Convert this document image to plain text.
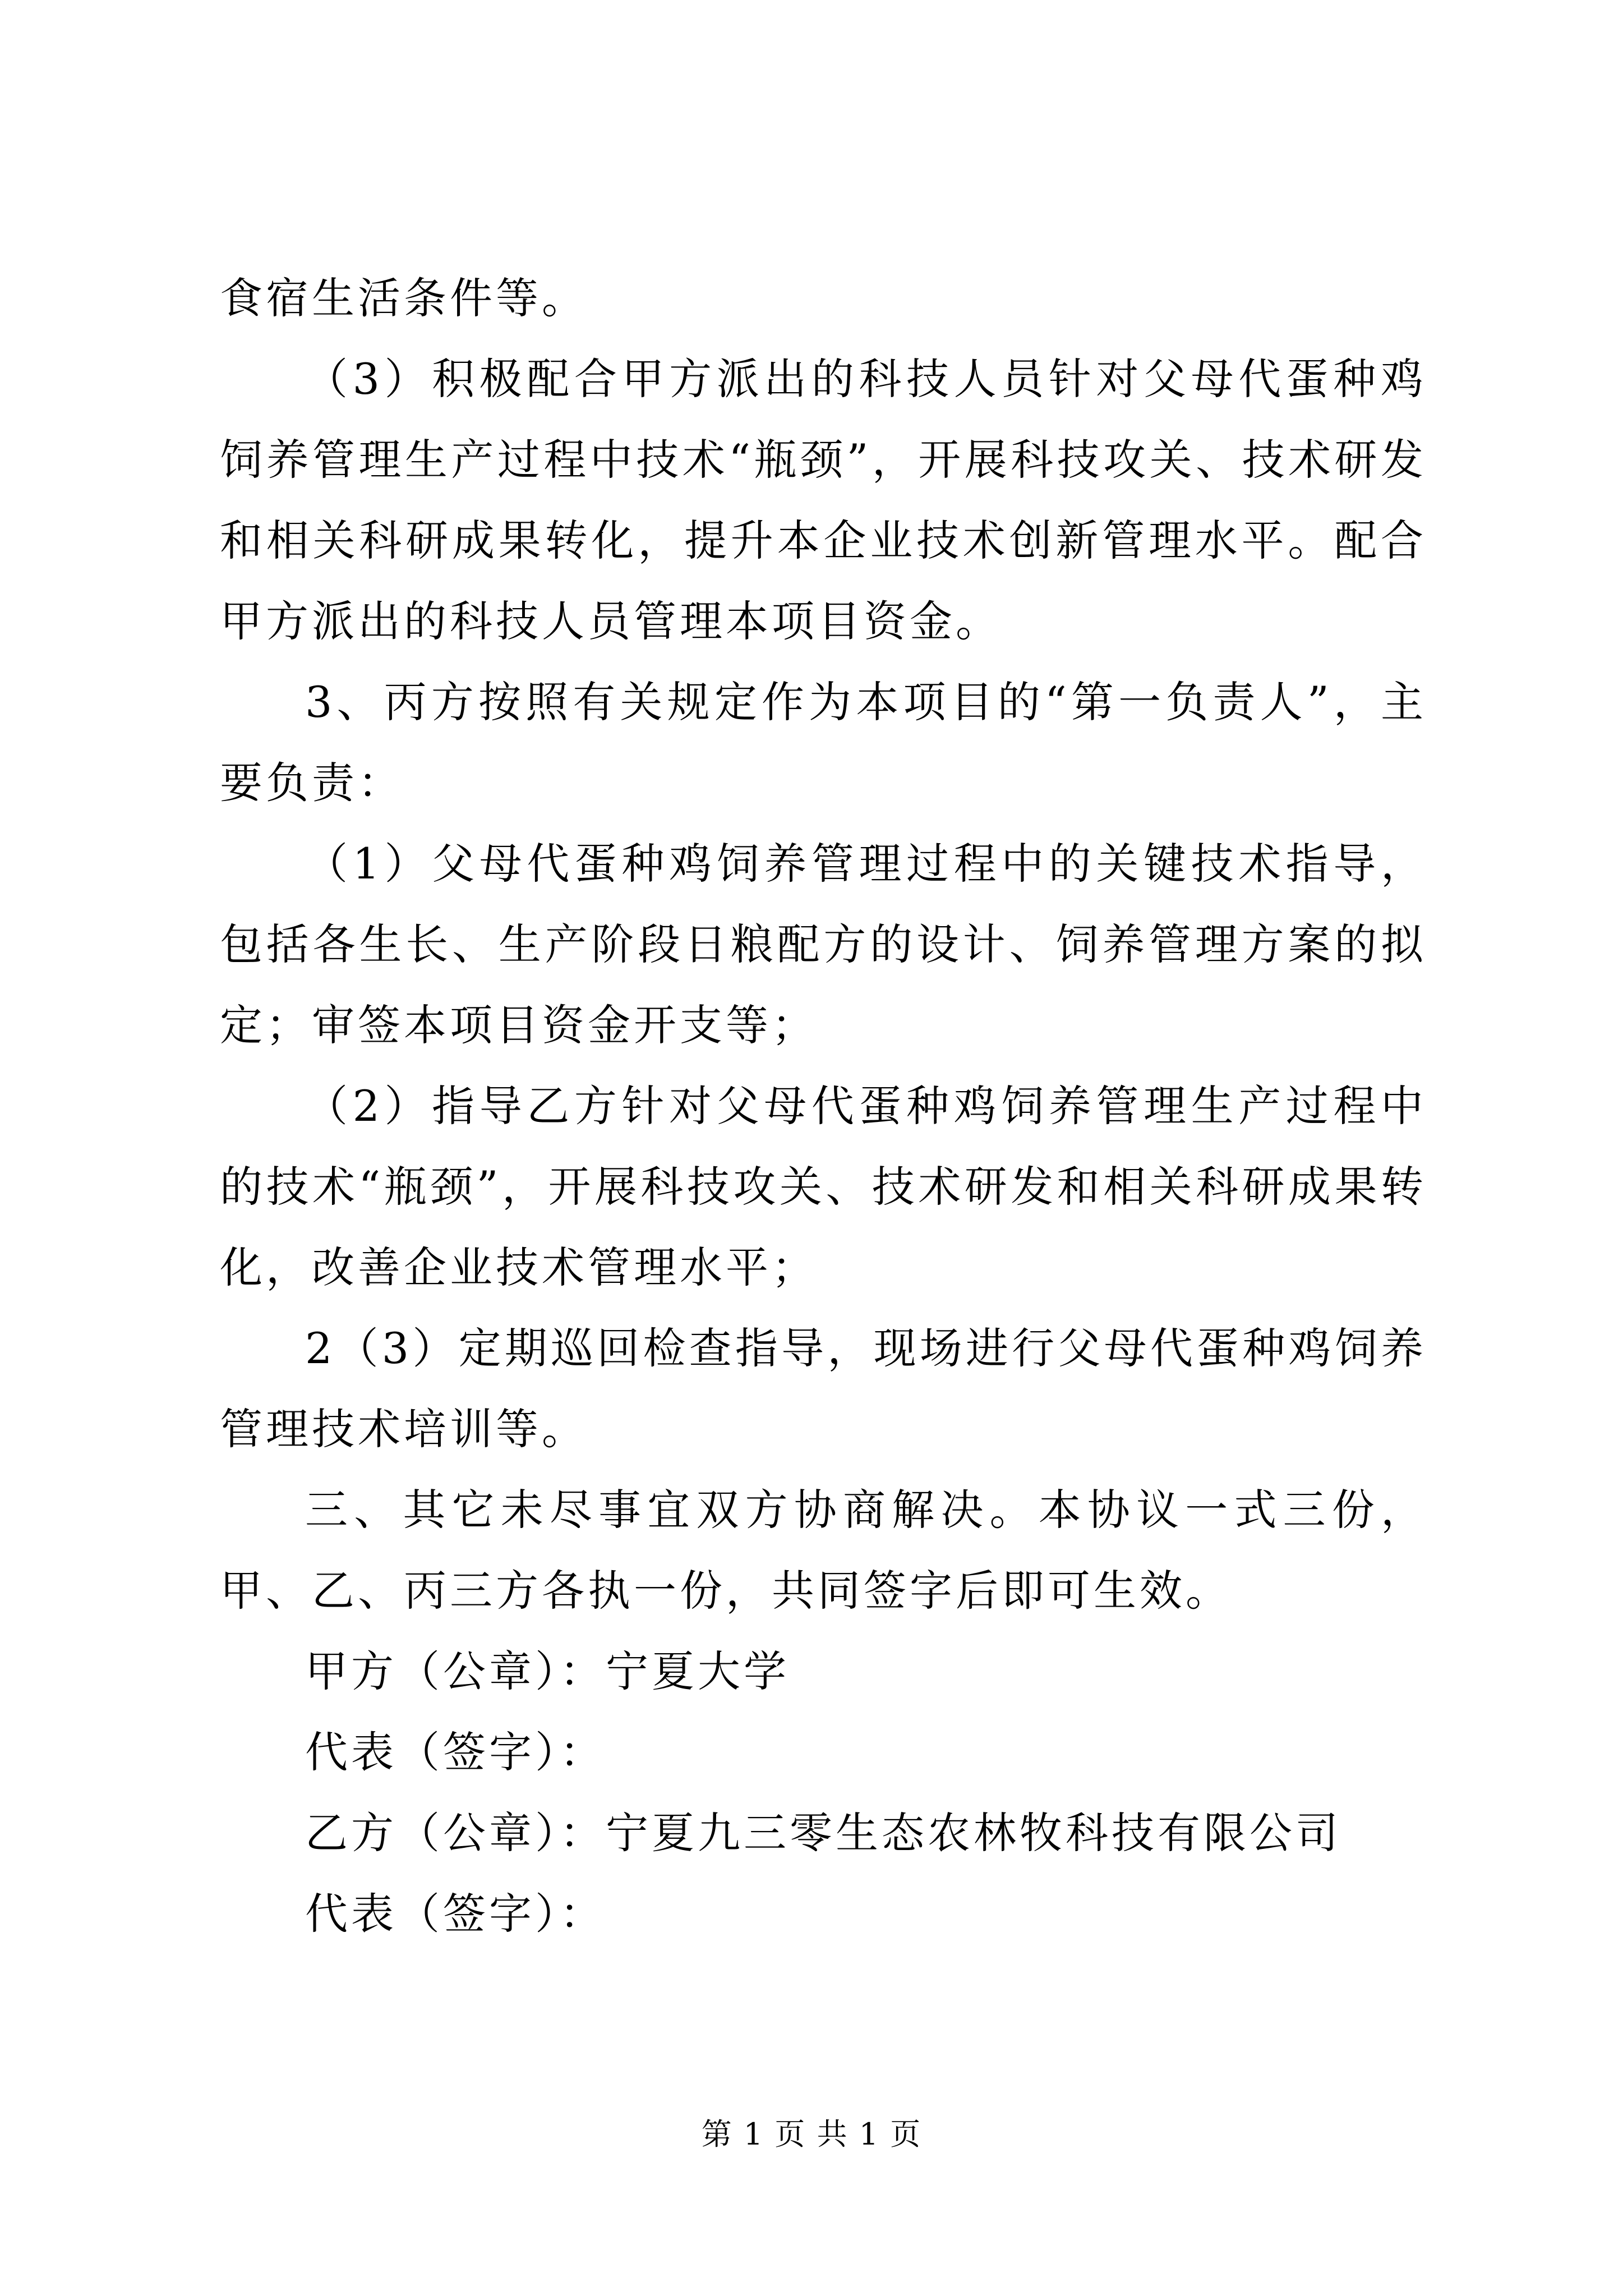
食宿生活条件等。

（3）积极配合甲方派出的科技人员针对父母代蛋种鸡饲养管理生产过程中技术“瓶颈”，开展科技攻关、技术研发和相关科研成果转化，提升本企业技术创新管理水平。配合甲方派出的科技人员管理本项目资金。

3、丙方按照有关规定作为本项目的“第一负责人”，主要负责：

（1）父母代蛋种鸡饲养管理过程中的关键技术指导，包括各生长、生产阶段日粮配方的设计、饲养管理方案的拟定；审签本项目资金开支等；

（2）指导乙方针对父母代蛋种鸡饲养管理生产过程中的技术“瓶颈”，开展科技攻关、技术研发和相关科研成果转化，改善企业技术管理水平；

2（3）定期巡回检查指导，现场进行父母代蛋种鸡饲养管理技术培训等。

三、其它未尽事宜双方协商解决。本协议一式三份，甲、乙、丙三方各执一份，共同签字后即可生效。

甲方（公章）：宁夏大学

代表（签字）：

乙方（公章）：宁夏九三零生态农林牧科技有限公司

代表（签字）：

第 1 页 共 1 页
